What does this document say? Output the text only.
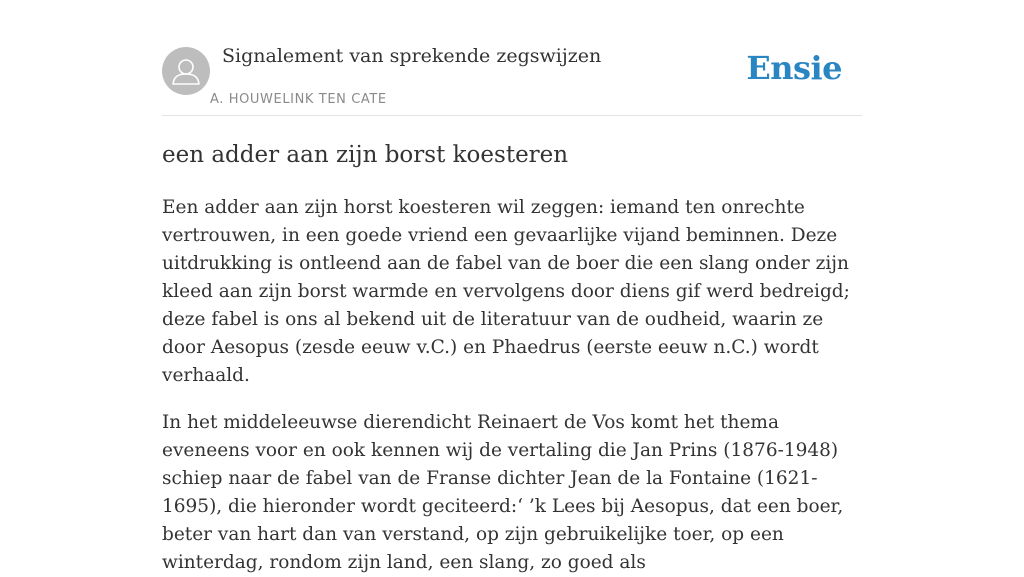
Signalement van sprekende zegswijzen
A. HOUWELINK TEN CATE
Ensie
een adder aan zijn borst koesteren

Een adder aan zijn horst koesteren wil zeggen: iemand ten onrechte vertrouwen, in een goede vriend een gevaarlijke vijand beminnen. Deze uitdrukking is ontleend aan de fabel van de boer die een slang onder zijn kleed aan zijn borst warmde en vervolgens door diens gif werd bedreigd; deze fabel is ons al bekend uit de literatuur van de oudheid, waarin ze door Aesopus (zesde eeuw v.C.) en Phaedrus (eerste eeuw n.C.) wordt verhaald.

In het middeleeuwse dierendicht Reinaert de Vos komt het thema eveneens voor en ook kennen wij de vertaling die Jan Prins (1876-1948) schiep naar de fabel van de Franse dichter Jean de la Fontaine (1621-1695), die hieronder wordt geciteerd:‘ ’k Lees bij Aesopus, dat een boer, beter van hart dan van verstand, op zijn gebruikelijke toer, op een winterdag, rondom zijn land, een slang, zo goed als
